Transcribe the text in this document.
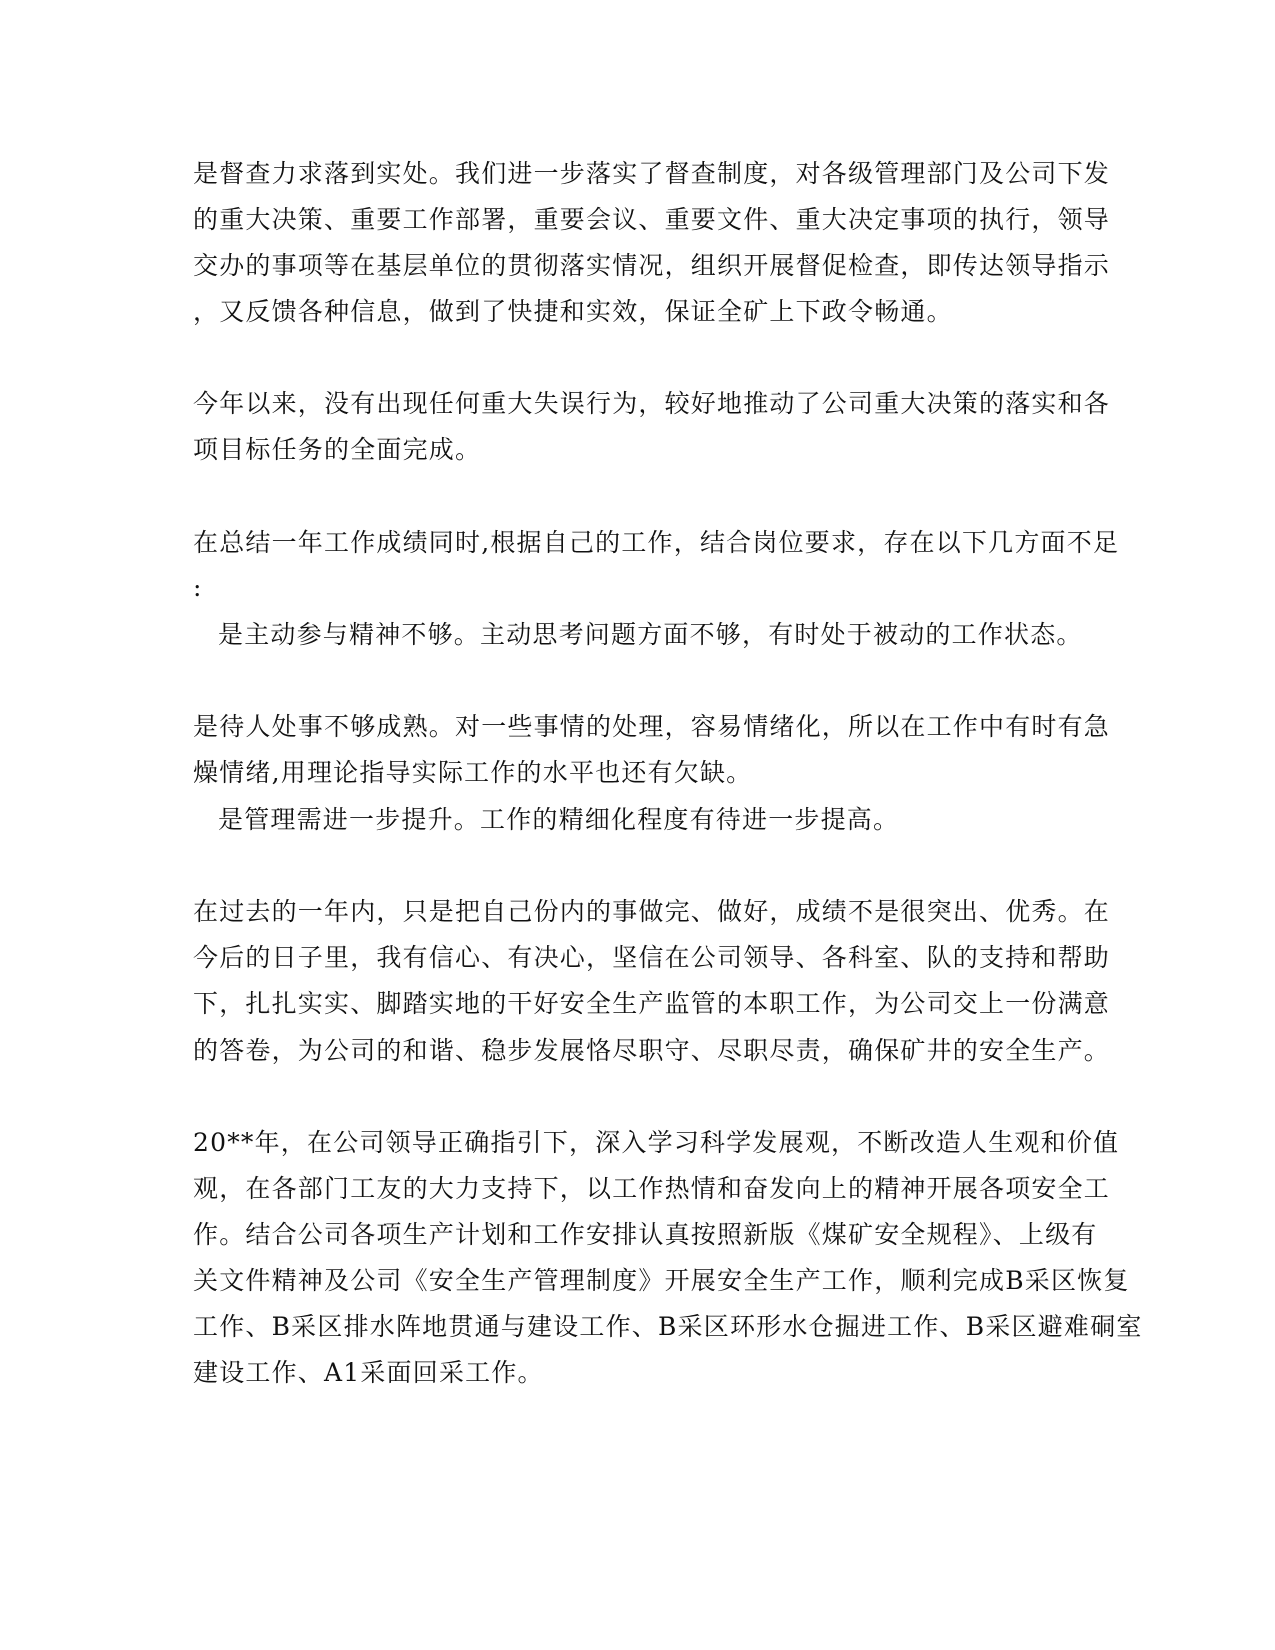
是督查力求落到实处。我们进一步落实了督查制度，对各级管理部门及公司下发
的重大决策、重要工作部署，重要会议、重要文件、重大决定事项的执行，领导
交办的事项等在基层单位的贯彻落实情况，组织开展督促检查，即传达领导指示
，又反馈各种信息，做到了快捷和实效，保证全矿上下政令畅通。
今年以来，没有出现任何重大失误行为，较好地推动了公司重大决策的落实和各
项目标任务的全面完成。
在总结一年工作成绩同时,根据自己的工作，结合岗位要求，存在以下几方面不足
:
是主动参与精神不够。主动思考问题方面不够，有时处于被动的工作状态。
是待人处事不够成熟。对一些事情的处理，容易情绪化，所以在工作中有时有急
燥情绪,用理论指导实际工作的水平也还有欠缺。
是管理需进一步提升。工作的精细化程度有待进一步提高。
在过去的一年内，只是把自己份内的事做完、做好，成绩不是很突出、优秀。在
今后的日子里，我有信心、有决心，坚信在公司领导、各科室、队的支持和帮助
下，扎扎实实、脚踏实地的干好安全生产监管的本职工作，为公司交上一份满意
的答卷，为公司的和谐、稳步发展恪尽职守、尽职尽责，确保矿井的安全生产。
20**年，在公司领导正确指引下，深入学习科学发展观，不断改造人生观和价值
观，在各部门工友的大力支持下，以工作热情和奋发向上的精神开展各项安全工
作。结合公司各项生产计划和工作安排认真按照新版《煤矿安全规程》、上级有
关文件精神及公司《安全生产管理制度》开展安全生产工作，顺利完成B采区恢复
工作、B采区排水阵地贯通与建设工作、B采区环形水仓掘进工作、B采区避难硐室
建设工作、A1采面回采工作。
